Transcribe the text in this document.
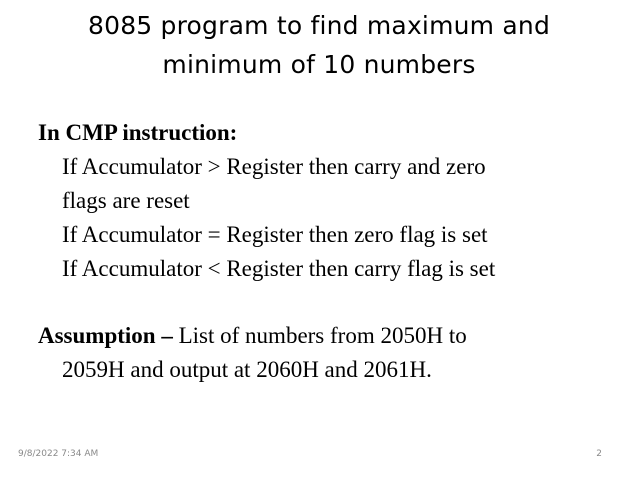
8085 program to find maximum and
minimum of 10 numbers
In CMP instruction:
If Accumulator > Register then carry and zero
flags are reset
If Accumulator = Register then zero flag is set
If Accumulator < Register then carry flag is set
Assumption – List of numbers from 2050H to
2059H and output at 2060H and 2061H.
9/8/2022 7:34 AM	2
